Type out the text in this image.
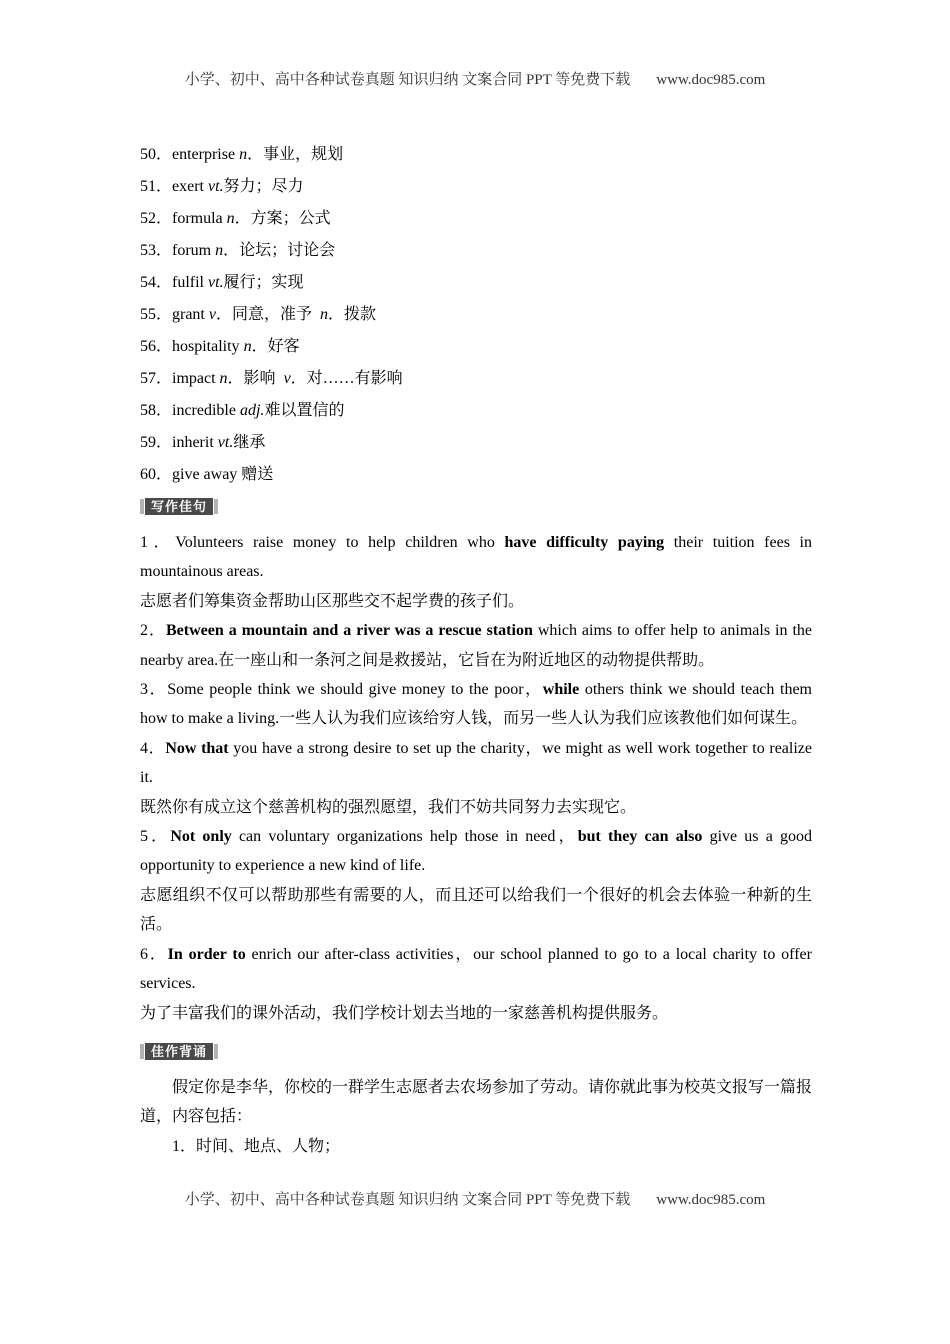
小学、初中、高中各种试卷真题 知识归纳 文案合同 PPT 等免费下载 www.doc985.com

50．enterprise n．事业，规划

51．exert vt.努力；尽力

52．formula n．方案；公式

53．forum n．论坛；讨论会

54．fulfil vt.履行；实现

55．grant v．同意，准予  n．拨款

56．hospitality n．好客

57．impact n．影响  v．对……有影响

58．incredible adj.难以置信的

59．inherit vt.继承

60．give away 赠送

写作佳句

1．Volunteers raise money to help children who have difficulty paying their tuition fees in mountainous areas.

志愿者们筹集资金帮助山区那些交不起学费的孩子们。

2．Between a mountain and a river was a rescue station which aims to offer help to animals in the nearby area.在一座山和一条河之间是救援站，它旨在为附近地区的动物提供帮助。

3．Some people think we should give money to the poor，while others think we should teach them how to make a living.一些人认为我们应该给穷人钱，而另一些人认为我们应该教他们如何谋生。

4．Now that you have a strong desire to set up the charity，we might as well work together to realize it.

既然你有成立这个慈善机构的强烈愿望，我们不妨共同努力去实现它。

5．Not only can voluntary organizations help those in need，but they can also give us a good opportunity to experience a new kind of life.

志愿组织不仅可以帮助那些有需要的人，而且还可以给我们一个很好的机会去体验一种新的生活。

6．In order to enrich our after-class activities，our school planned to go to a local charity to offer services.

为了丰富我们的课外活动，我们学校计划去当地的一家慈善机构提供服务。

佳作背诵

假定你是李华，你校的一群学生志愿者去农场参加了劳动。请你就此事为校英文报写一篇报道，内容包括：

1．时间、地点、人物；

小学、初中、高中各种试卷真题 知识归纳 文案合同 PPT 等免费下载 www.doc985.com
